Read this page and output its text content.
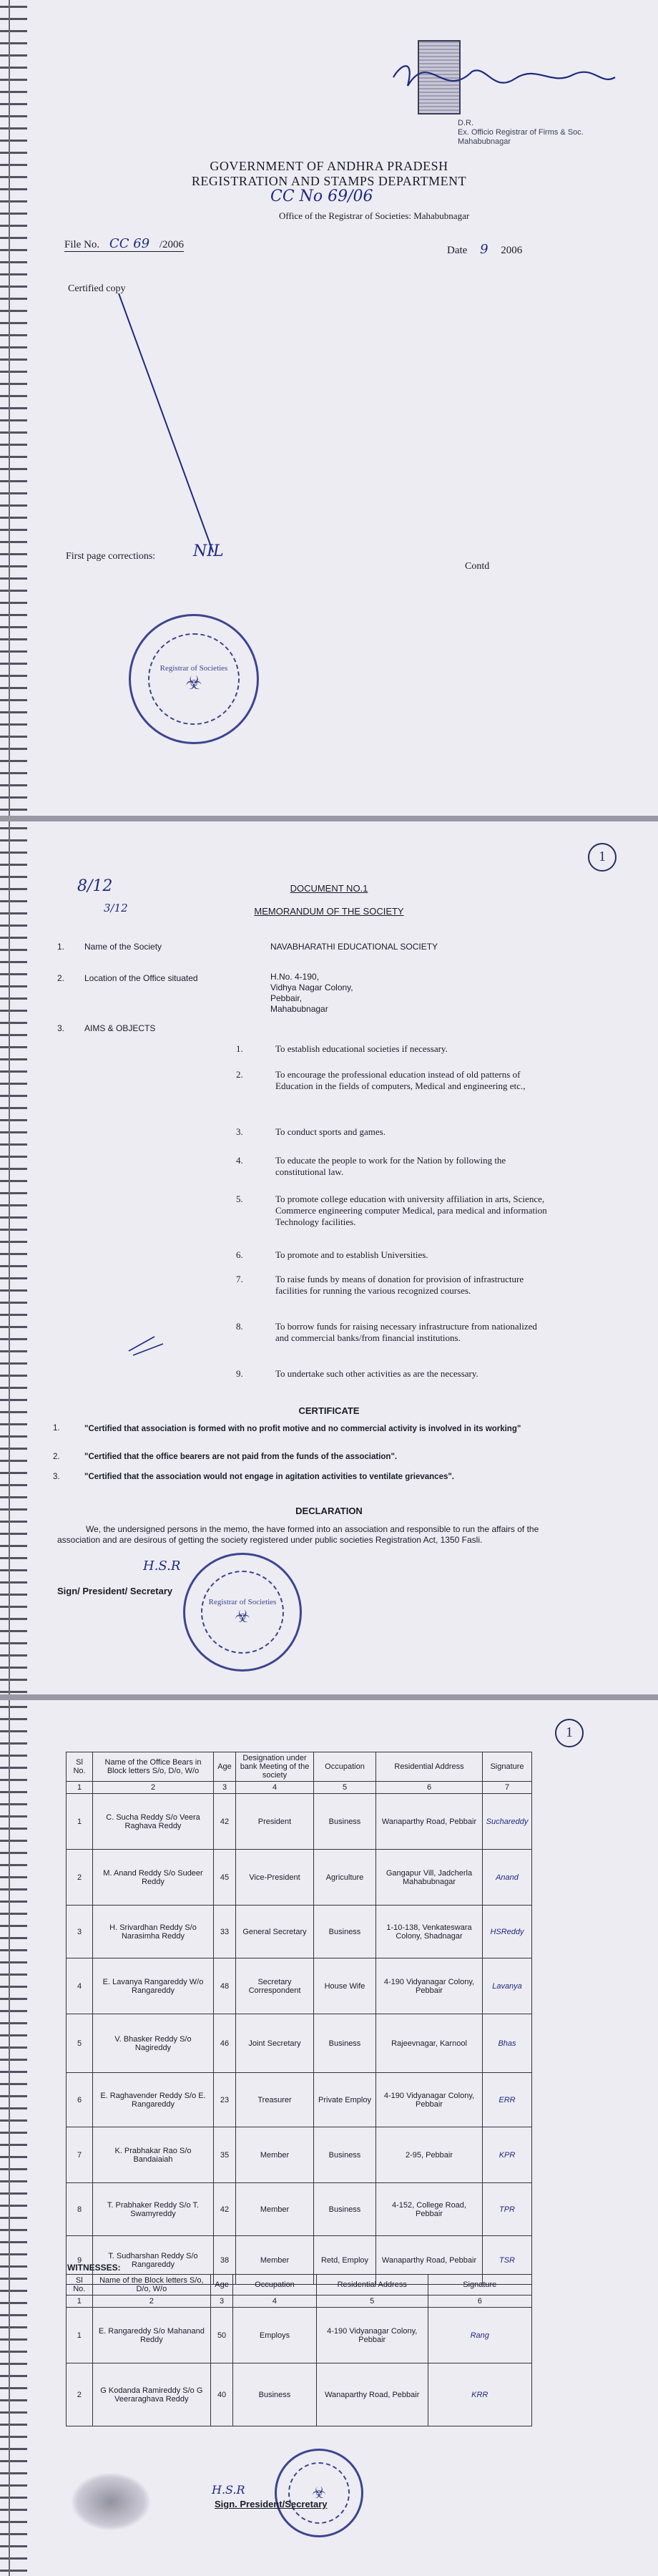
D.R.
Ex. Officio Registrar of Firms & Soc.
Mahabubnagar
GOVERNMENT OF ANDHRA PRADESH
REGISTRATION AND STAMPS DEPARTMENT
CC No 69/06
Office of the Registrar of Societies: Mahabubnagar
File No. CC 69 /2006	Date 9 2006
Certified copy
First page corrections: NIL
Contd
Registrar of Societies
☣
1
8/12
3/12
DOCUMENT NO.1
MEMORANDUM OF THE SOCIETY
1. Name of the Society	NAVABHARATHI EDUCATIONAL SOCIETY
2. Location of the Office situated	H.No. 4-190,
Vidhya Nagar Colony,
Pebbair,
Mahabubnagar
3. AIMS & OBJECTS
1.	To establish educational societies if necessary.
2.	To encourage the professional education instead of old patterns of Education in the fields of computers, Medical and engineering etc.,
3.	To conduct sports and games.
4.	To educate the people to work for the Nation by following the constitutional law.
5.	To promote college education with university affiliation in arts, Science, Commerce engineering computer Medical, para medical and information Technology facilities.
6.	To promote and to establish Universities.
7.	To raise funds by means of donation for provision of infrastructure facilities for running the various recognized courses.
8.	To borrow funds for raising necessary infrastructure from nationalized and commercial banks/from financial institutions.
9.	To undertake such other activities as are the necessary.
CERTIFICATE
1.	"Certified that association is formed with no profit motive and no commercial activity is involved in its working"
2.	"Certified that the office bearers are not paid from the funds of the association".
3.	"Certified that the association would not engage in agitation activities to ventilate grievances".
DECLARATION
We, the undersigned persons in the memo, the have formed into an association and responsible to run the affairs of the association and are desirous of getting the society registered under public societies Registration Act, 1350 Fasli.
Registrar of Societies
☣
H.S.R
Sign/ President/ Secretary
1
Sl No.	Name of the Office Bears in Block letters S/o, D/o, W/o	Age	Designation under bank Meeting of the society	Occupation	Residential Address	Signature
1	2	3	4	5	6	7
1	C. Sucha Reddy S/o Veera Raghava Reddy	42	President	Business	Wanaparthy Road, Pebbair	Suchareddy
2	M. Anand Reddy S/o Sudeer Reddy	45	Vice-President	Agriculture	Gangapur Vill, Jadcherla Mahabubnagar	Anand
3	H. Srivardhan Reddy S/o Narasimha Reddy	33	General Secretary	Business	1-10-138, Venkateswara Colony, Shadnagar	HSReddy
4	E. Lavanya Rangareddy W/o Rangareddy	48	Secretary Correspondent	House Wife	4-190 Vidyanagar Colony, Pebbair	Lavanya
5	V. Bhasker Reddy S/o Nagireddy	46	Joint Secretary	Business	Rajeevnagar, Karnool	Bhas
6	E. Raghavender Reddy S/o E. Rangareddy	23	Treasurer	Private Employ	4-190 Vidyanagar Colony, Pebbair	ERR
7	K. Prabhakar Rao S/o Bandaiaiah	35	Member	Business	2-95, Pebbair	KPR
8	T. Prabhaker Reddy S/o T. Swamyreddy	42	Member	Business	4-152, College Road, Pebbair	TPR
9	T. Sudharshan Reddy S/o Rangareddy	38	Member	Retd, Employ	Wanaparthy Road, Pebbair	TSR
WITNESSES:
Sl No.	Name of the Block letters S/o, D/o, W/o	Age	Occupation	Residential Address	Signature
1	2	3	4	5	6
1	E. Rangareddy S/o Mahanand Reddy	50	Employs	4-190 Vidyanagar Colony, Pebbair	Rang
2	G Kodanda Ramireddy S/o G Veeraraghava Reddy	40	Business	Wanaparthy Road, Pebbair	KRR
☣
H.S.R
Sign. President/Secretary
